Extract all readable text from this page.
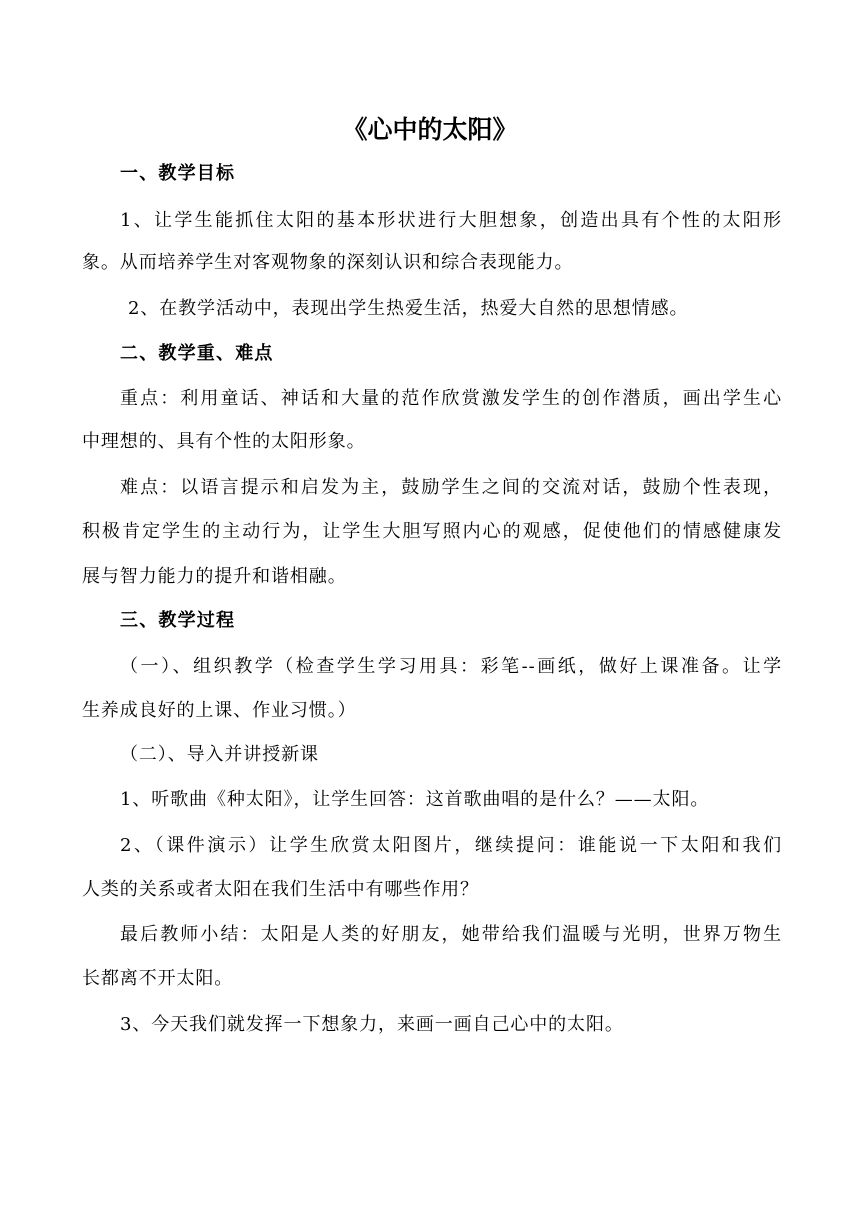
《心中的太阳》
一、教学目标
1、让学生能抓住太阳的基本形状进行大胆想象，创造出具有个性的太阳形
象。从而培养学生对客观物象的深刻认识和综合表现能力。
2、在教学活动中，表现出学生热爱生活，热爱大自然的思想情感。
二、教学重、难点
重点：利用童话、神话和大量的范作欣赏激发学生的创作潜质，画出学生心
中理想的、具有个性的太阳形象。
难点：以语言提示和启发为主，鼓励学生之间的交流对话，鼓励个性表现，
积极肯定学生的主动行为，让学生大胆写照内心的观感，促使他们的情感健康发
展与智力能力的提升和谐相融。
三、教学过程
（一）、组织教学（检查学生学习用具：彩笔--画纸，做好上课准备。让学
生养成良好的上课、作业习惯。）
（二）、导入并讲授新课
1、听歌曲《种太阳》，让学生回答：这首歌曲唱的是什么？——太阳。
2、（课件演示）让学生欣赏太阳图片，继续提问：谁能说一下太阳和我们
人类的关系或者太阳在我们生活中有哪些作用？
最后教师小结：太阳是人类的好朋友，她带给我们温暖与光明，世界万物生
长都离不开太阳。
3、今天我们就发挥一下想象力，来画一画自己心中的太阳。
